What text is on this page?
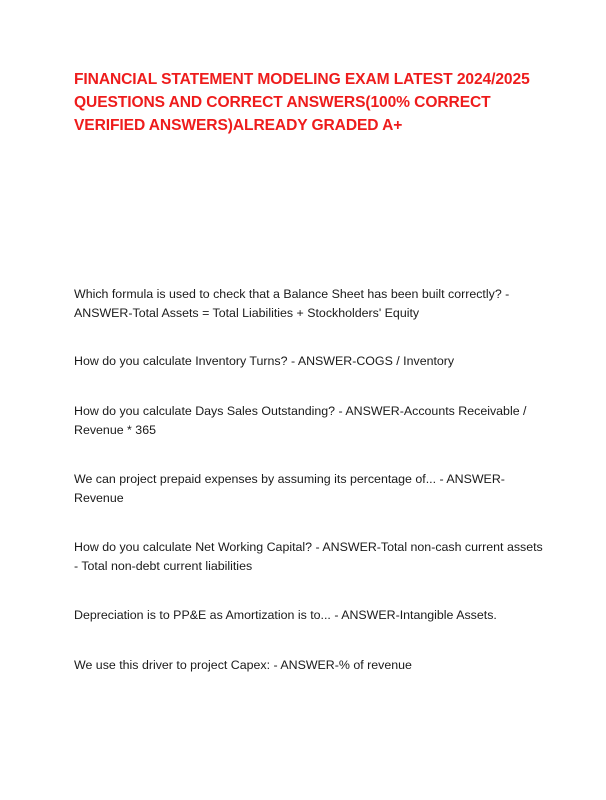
FINANCIAL STATEMENT MODELING EXAM LATEST 2024/2025 QUESTIONS AND CORRECT ANSWERS(100% CORRECT VERIFIED ANSWERS)ALREADY GRADED A+

Which formula is used to check that a Balance Sheet has been built correctly? - ANSWER-Total Assets = Total Liabilities + Stockholders' Equity

How do you calculate Inventory Turns? - ANSWER-COGS / Inventory

How do you calculate Days Sales Outstanding? - ANSWER-Accounts Receivable / Revenue * 365

We can project prepaid expenses by assuming its percentage of... - ANSWER-Revenue

How do you calculate Net Working Capital? - ANSWER-Total non-cash current assets - Total non-debt current liabilities

Depreciation is to PP&E as Amortization is to... - ANSWER-Intangible Assets.

We use this driver to project Capex: - ANSWER-% of revenue
